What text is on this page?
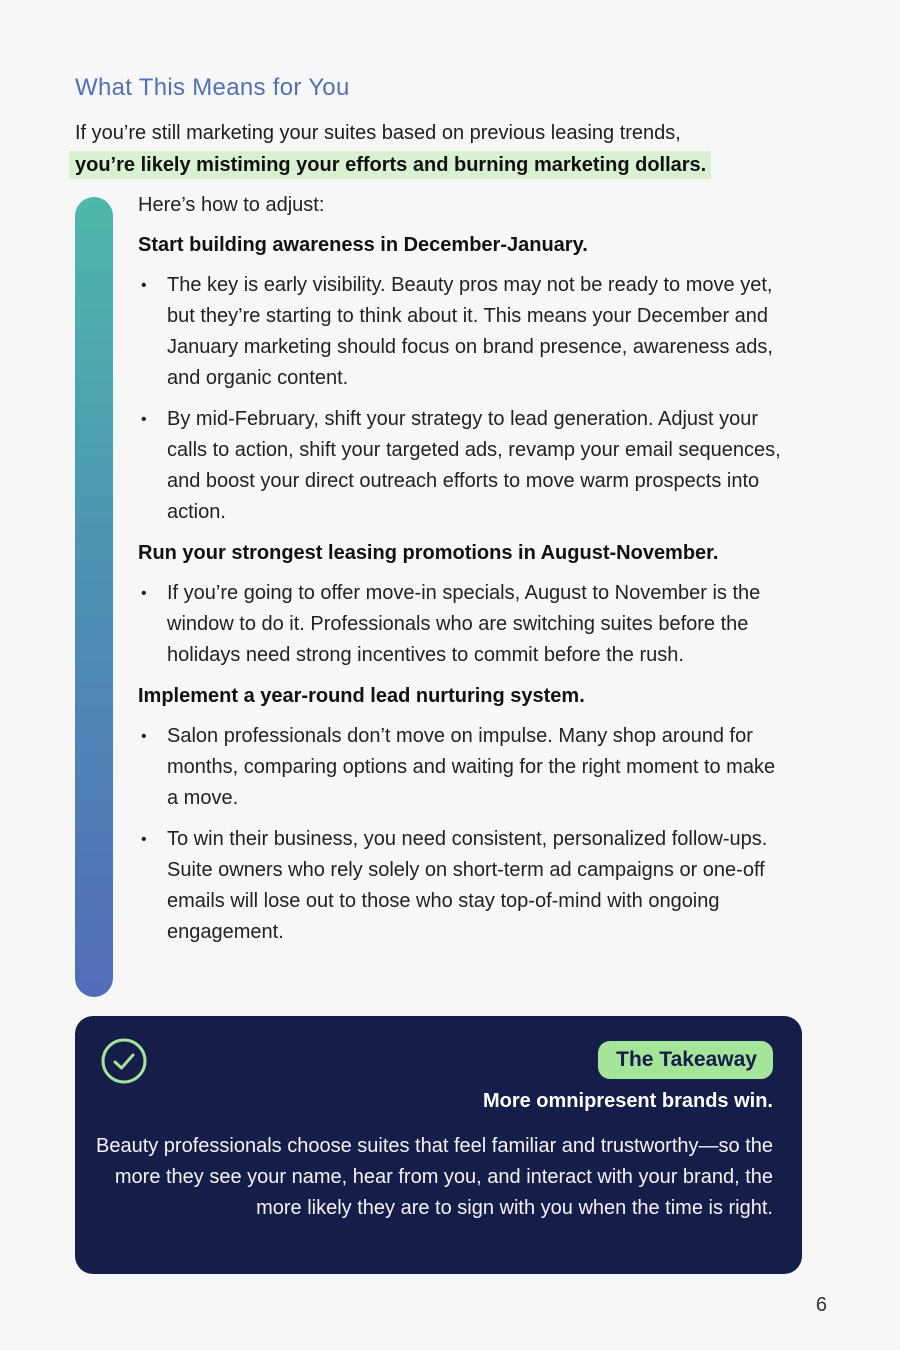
What This Means for You

If you’re still marketing your suites based on previous leasing trends,
you’re likely mistiming your efforts and burning marketing dollars.

Here’s how to adjust:

Start building awareness in December-January.

• The key is early visibility. Beauty pros may not be ready to move yet, but they’re starting to think about it. This means your December and January marketing should focus on brand presence, awareness ads, and organic content.
• By mid-February, shift your strategy to lead generation. Adjust your calls to action, shift your targeted ads, revamp your email sequences, and boost your direct outreach efforts to move warm prospects into action.

Run your strongest leasing promotions in August-November.

• If you’re going to offer move-in specials, August to November is the window to do it. Professionals who are switching suites before the holidays need strong incentives to commit before the rush.

Implement a year-round lead nurturing system.

• Salon professionals don’t move on impulse. Many shop around for months, comparing options and waiting for the right moment to make a move.
• To win their business, you need consistent, personalized follow-ups. Suite owners who rely solely on short-term ad campaigns or one-off emails will lose out to those who stay top-of-mind with ongoing engagement.
The Takeaway

More omnipresent brands win.

Beauty professionals choose suites that feel familiar and trustworthy—so the more they see your name, hear from you, and interact with your brand, the more likely they are to sign with you when the time is right.

6
